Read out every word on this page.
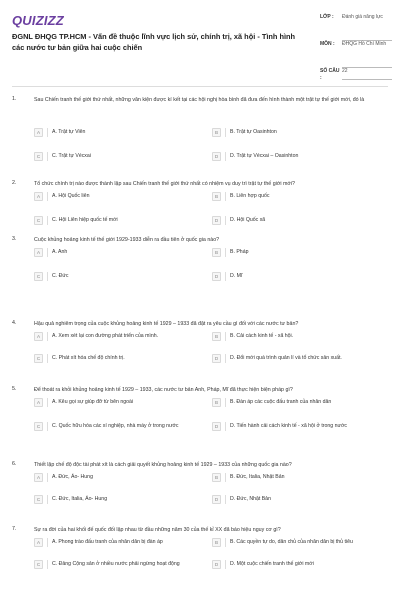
QUIZIZZ
ĐGNL ĐHQG TP.HCM - Vấn đề thuộc lĩnh vực lịch sử, chính trị, xã hội - Tình hình các nước tư bản giữa hai cuộc chiến
LỚP :	Đánh giá năng lực
MÔN :	ĐHQG Hồ Chí Minh
SỐ CÂU :
22
1.	Sau Chiến tranh thế giới thứ nhất, những văn kiện được kí kết tại các hội nghị hòa bình đã đưa đến hình thành một trật tự thế giới mới, đó là
A	A. Trật tự Viên	B	B. Trật tự Oasinhton
C	C. Trật tự Vécxai	D	D. Trật tự Vécxai – Oasinhton
2.	Tổ chức chính trị nào được thành lập sau Chiến tranh thế giới thứ nhất có nhiệm vụ duy trì trật tự thế giới mới?
A	A. Hội Quốc liên	B	B. Liên hợp quốc
C	C. Hội Liên hiệp quốc tế mới	D	D. Hội Quốc xã
3.	Cuộc khủng hoảng kinh tế thế giới 1929-1933 diễn ra đầu tiên ở quốc gia nào?
A	A. Anh	B	B. Pháp
C	C. Đức	D	D. Mĩ
4.	Hậu quả nghiêm trọng của cuộc khủng hoảng kinh tế 1929 – 1933 đã đặt ra yêu cầu gì đối với các nước tư bản?
A	A. Xem xét lại con đường phát triển của mình.	B	B. Cải cách kinh tế - xã hội.
C	C. Phát xít hóa chế độ chính trị.	D	D. Đổi mới quá trình quản lí và tổ chức sản xuất.
5.	Để thoát ra khỏi khủng hoảng kinh tế 1929 – 1933, các nước tư bản Anh, Pháp, Mĩ đã thực hiện biện pháp gì?
A	A. Kêu gọi sự giúp đỡ từ bên ngoài	B	B. Đàn áp các cuộc đấu tranh của nhân dân
C	C. Quốc hữu hóa các xí nghiệp, nhà máy ở trong nước	D	D. Tiến hành cải cách kinh tế - xã hội ở trong nước
6.	Thiết lập chế độ độc tài phát xít là cách giải quyết khủng hoảng kinh tế 1929 – 1933 của những quốc gia nào?
A	A. Đức, Áo- Hung	B	B. Đức, Italia, Nhật Bản
C	C. Đức, Italia, Áo- Hung	D	D. Đức, Nhật Bản
7.	Sự ra đời của hai khối đế quốc đối lập nhau từ đầu những năm 30 của thế kỉ XX đã báo hiệu nguy cơ gì?
A	A. Phong trào đấu tranh của nhân dân bị đàn áp	B	B. Các quyền tự do, dân chủ của nhân dân bị thủ tiêu
C	C. Đảng Cộng sản ở nhiều nước phải ngừng hoạt động	D	D. Một cuộc chiến tranh thế giới mới
